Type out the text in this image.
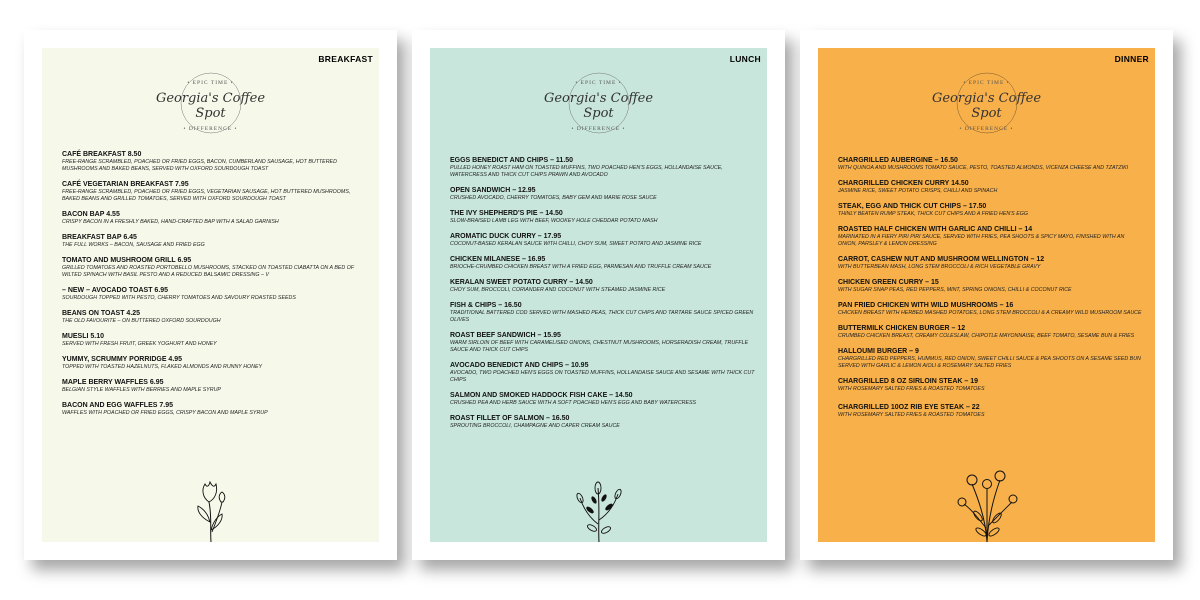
BREAKFAST
• EPIC TIME •
Georgia's Coffee Spot
• DIFFERENCE •
CAFÉ BREAKFAST 8.50
FREE-RANGE SCRAMBLED, POACHED OR FRIED EGGS, BACON, CUMBERLAND SAUSAGE, HOT BUTTERED MUSHROOMS AND BAKED BEANS, SERVED WITH OXFORD SOURDOUGH TOAST
CAFÉ VEGETARIAN BREAKFAST 7.95
FREE-RANGE SCRAMBLED, POACHED OR FRIED EGGS, VEGETARIAN SAUSAGE, HOT BUTTERED MUSHROOMS, BAKED BEANS AND GRILLED TOMATOES, SERVED WITH OXFORD SOURDOUGH TOAST
BACON BAP 4.55
CRISPY BACON IN A FRESHLY BAKED, HAND-CRAFTED BAP WITH A SALAD GARNISH
BREAKFAST BAP 6.45
THE FULL WORKS – BACON, SAUSAGE AND FRIED EGG
TOMATO AND MUSHROOM GRILL 6.95
GRILLED TOMATOES AND ROASTED PORTOBELLO MUSHROOMS, STACKED ON TOASTED CIABATTA ON A BED OF WILTED SPINACH WITH BASIL PESTO AND A REDUCED BALSAMIC DRESSING – V
– NEW – AVOCADO TOAST 6.95
SOURDOUGH TOPPED WITH PESTO, CHERRY TOMATOES AND SAVOURY ROASTED SEEDS
BEANS ON TOAST 4.25
THE OLD FAVOURITE – ON BUTTERED OXFORD SOURDOUGH
MUESLI 5.10
SERVED WITH FRESH FRUIT, GREEK YOGHURT AND HONEY
YUMMY, SCRUMMY PORRIDGE 4.95
TOPPED WITH TOASTED HAZELNUTS, FLAKED ALMONDS AND RUNNY HONEY
MAPLE BERRY WAFFLES 6.95
BELGIAN STYLE WAFFLES WITH BERRIES AND MAPLE SYRUP
BACON AND EGG WAFFLES 7.95
WAFFLES WITH POACHED OR FRIED EGGS, CRISPY BACON AND MAPLE SYRUP
LUNCH
• EPIC TIME •
Georgia's Coffee Spot
• DIFFERENCE •
EGGS BENEDICT AND CHIPS – 11.50
PULLED HONEY ROAST HAM ON TOASTED MUFFINS, TWO POACHED HEN'S EGGS, HOLLANDAISE SAUCE, WATERCRESS AND THICK CUT CHIPS PRAWN AND AVOCADO
OPEN SANDWICH – 12.95
CRUSHED AVOCADO, CHERRY TOMATOES, BABY GEM AND MARIE ROSE SAUCE
THE IVY SHEPHERD'S PIE – 14.50
SLOW-BRAISED LAMB LEG WITH BEEF, WOOKEY HOLE CHEDDAR POTATO MASH
AROMATIC DUCK CURRY – 17.95
COCONUT-BASED KERALAN SAUCE WITH CHILLI, CHOY SUM, SWEET POTATO AND JASMINE RICE
CHICKEN MILANESE – 16.95
BRIOCHE-CRUMBED CHICKEN BREAST WITH A FRIED EGG, PARMESAN AND TRUFFLE CREAM SAUCE
KERALAN SWEET POTATO CURRY – 14.50
CHOY SUM, BROCCOLI, CORIANDER AND COCONUT WITH STEAMED JASMINE RICE
FISH & CHIPS – 16.50
TRADITIONAL BATTERED COD SERVED WITH MASHED PEAS, THICK CUT CHIPS AND TARTARE SAUCE SPICED GREEN OLIVES
ROAST BEEF SANDWICH – 15.95
WARM SIRLOIN OF BEEF WITH CARAMELISED ONIONS, CHESTNUT MUSHROOMS, HORSERADISH CREAM, TRUFFLE SAUCE AND THICK CUT CHIPS
AVOCADO BENEDICT AND CHIPS – 10.95
AVOCADO, TWO POACHED HEN'S EGGS ON TOASTED MUFFINS, HOLLANDAISE SAUCE AND SESAME WITH THICK CUT CHIPS
SALMON AND SMOKED HADDOCK FISH CAKE – 14.50
CRUSHED PEA AND HERB SAUCE WITH A SOFT POACHED HEN'S EGG AND BABY WATERCRESS
ROAST FILLET OF SALMON – 16.50
SPROUTING BROCCOLI, CHAMPAGNE AND CAPER CREAM SAUCE
DINNER
• EPIC TIME •
Georgia's Coffee Spot
• DIFFERENCE •
CHARGRILLED AUBERGINE – 16.50
WITH QUINOA AND MUSHROOMS TOMATO SAUCE, PESTO, TOASTED ALMONDS, VICENZA CHEESE AND TZATZIKI
CHARGRILLED CHICKEN CURRY 14.50
JASMINE RICE, SWEET POTATO CRISPS, CHILLI AND SPINACH
STEAK, EGG AND THICK CUT CHIPS – 17.50
THINLY BEATEN RUMP STEAK, THICK CUT CHIPS AND A FRIED HEN'S EGG
ROASTED HALF CHICKEN WITH GARLIC AND CHILLI – 14
MARINATED IN A FIERY PIRI PIRI SAUCE, SERVED WITH FRIES, PEA SHOOTS & SPICY MAYO, FINISHED WITH AN ONION, PARSLEY & LEMON DRESSING
CARROT, CASHEW NUT AND MUSHROOM WELLINGTON – 12
WITH BUTTERBEAN MASH, LONG STEM BROCCOLI & RICH VEGETABLE GRAVY
CHICKEN GREEN CURRY – 15
WITH SUGAR SNAP PEAS, RED PEPPERS, MINT, SPRING ONIONS, CHILLI & COCONUT RICE
PAN FRIED CHICKEN WITH WILD MUSHROOMS – 16
CHICKEN BREAST WITH HERBED MASHED POTATOES, LONG STEM BROCCOLI & A CREAMY WILD MUSHROOM SAUCE
BUTTERMILK CHICKEN BURGER – 12
CRUMBED CHICKEN BREAST, CREAMY COLESLAW, CHIPOTLE MAYONNAISE, BEEF TOMATO, SESAME BUN & FRIES
HALLOUMI BURGER – 9
CHARGRILLED RED PEPPERS, HUMMUS, RED ONION, SWEET CHILLI SAUCE & PEA SHOOTS ON A SESAME SEED BUN SERVED WITH GARLIC & LEMON AIOLI & ROSEMARY SALTED FRIES
CHARGRILLED 8 OZ SIRLOIN STEAK – 19
WITH ROSEMARY SALTED FRIES & ROASTED TOMATOES
CHARGRILLED 10OZ RIB EYE STEAK – 22
WITH ROSEMARY SALTED FRIES & ROASTED TOMATOES
